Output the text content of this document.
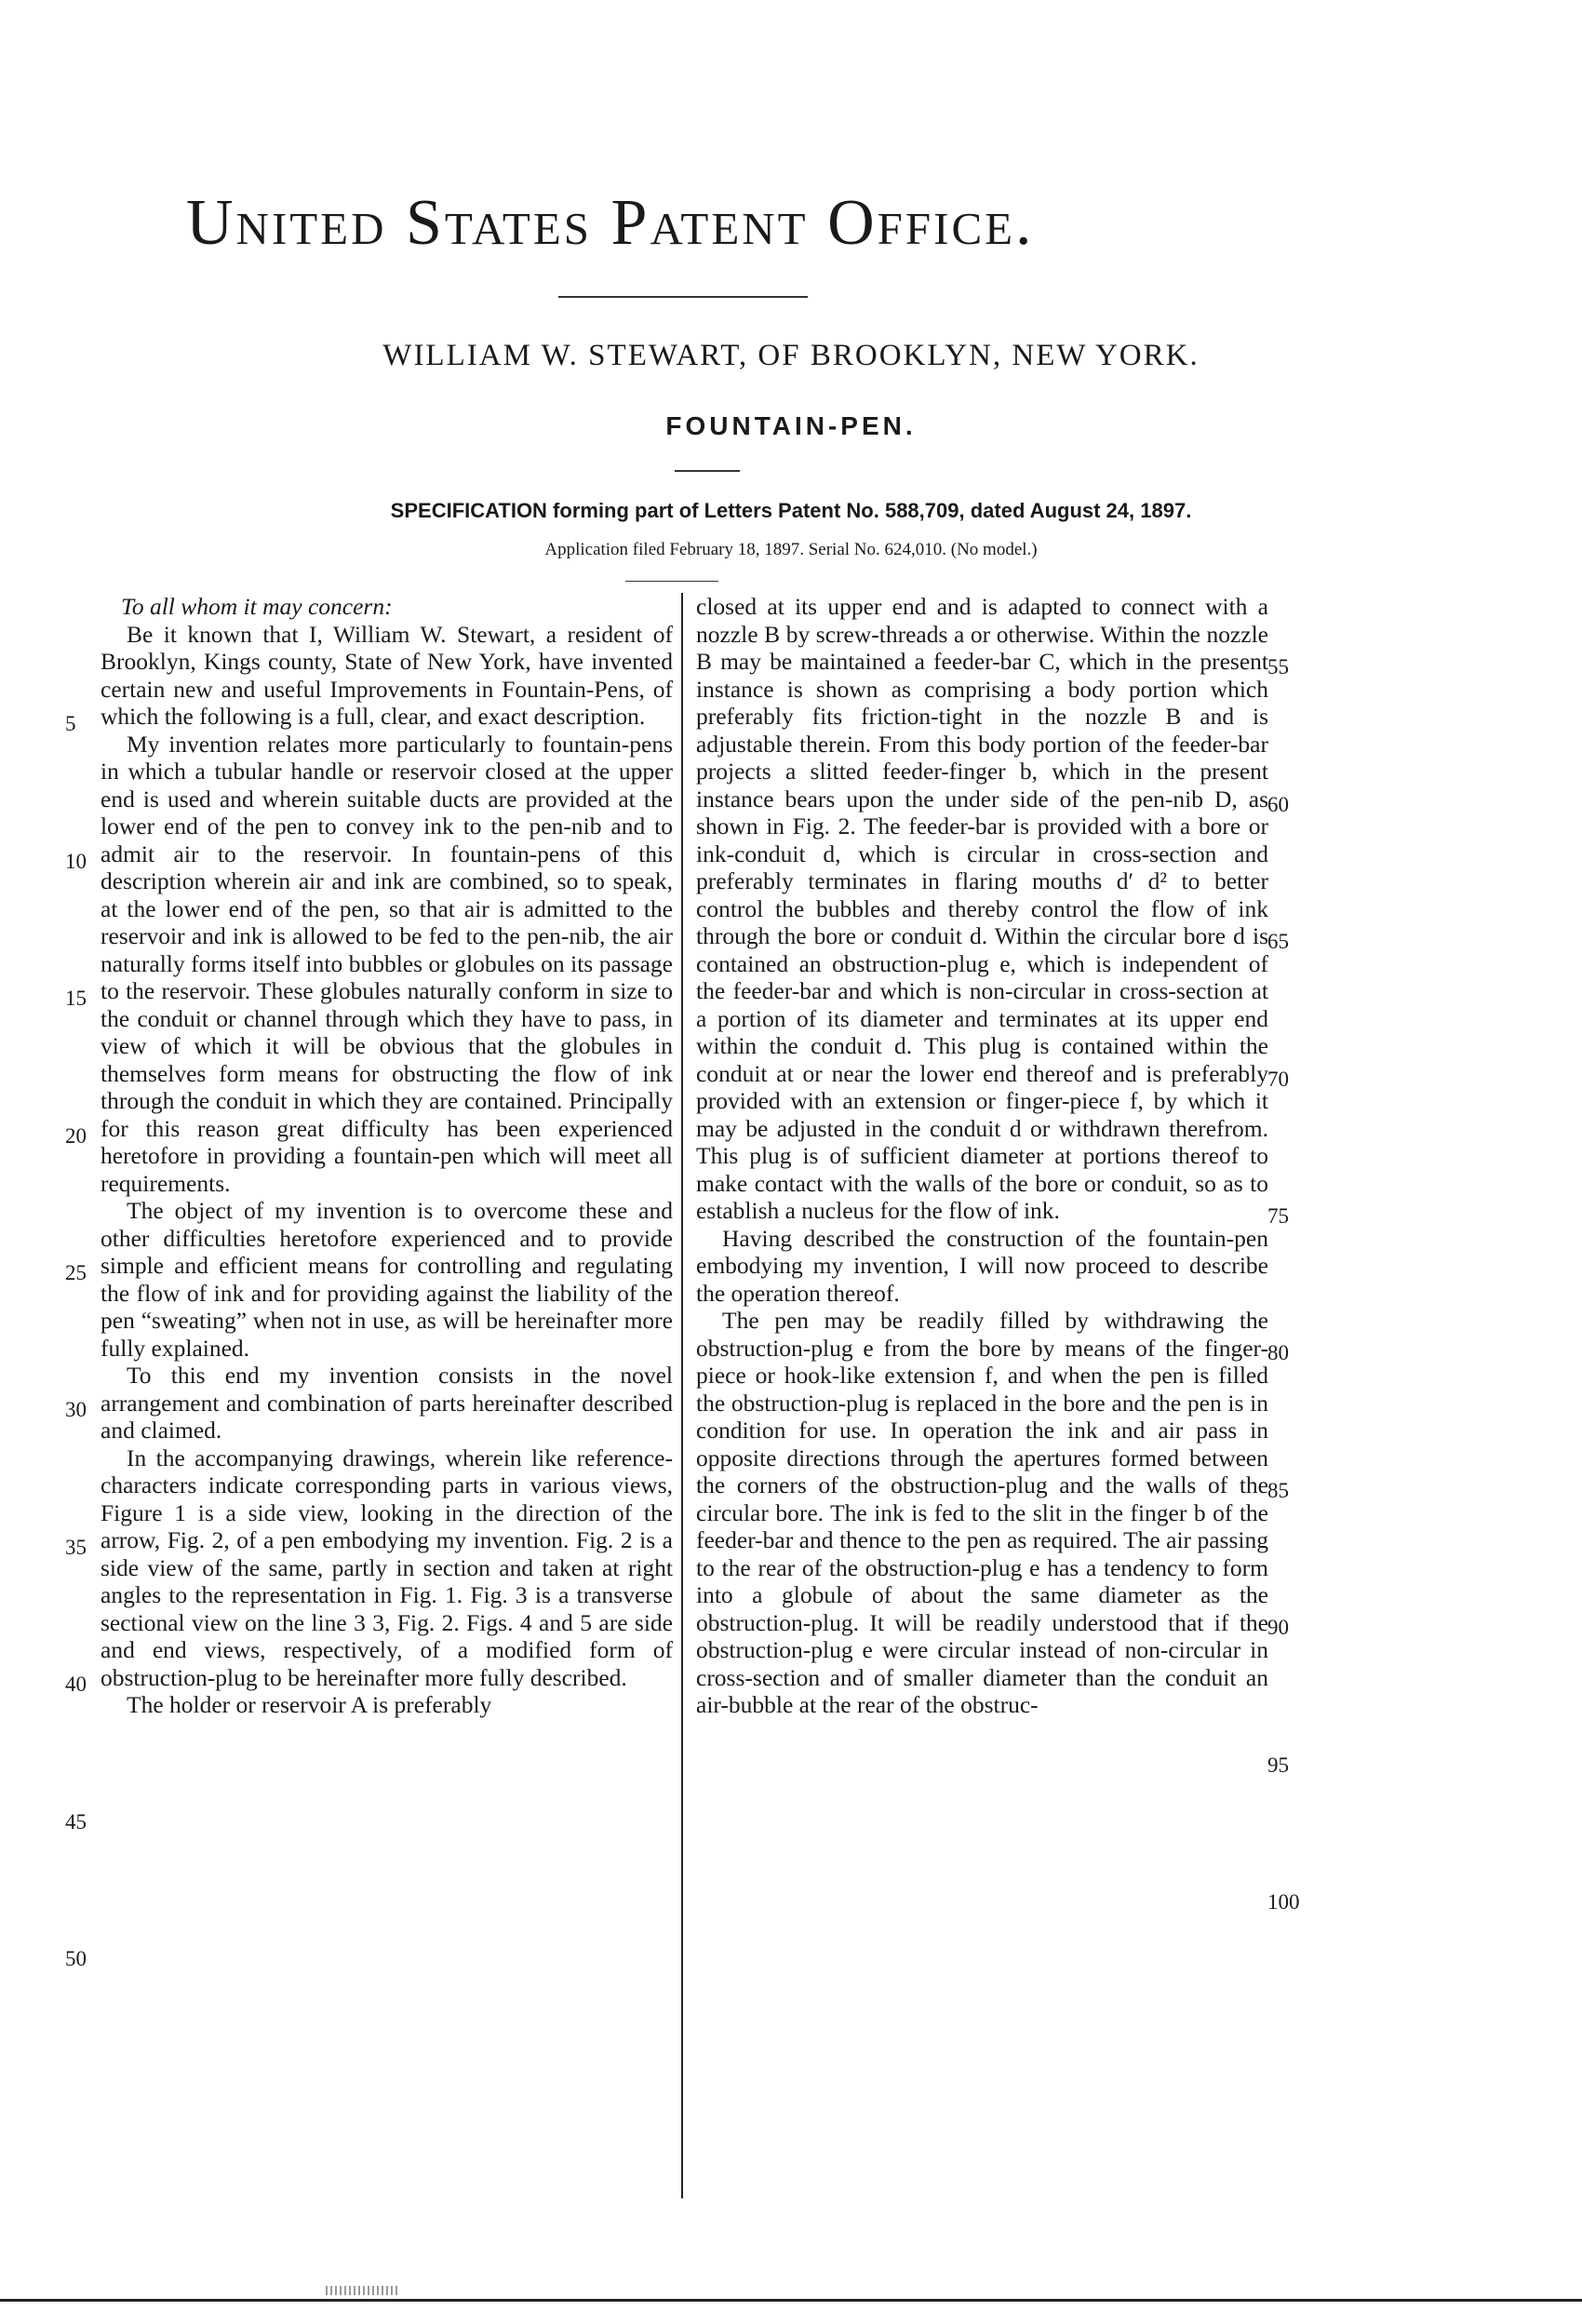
United States Patent Office.
WILLIAM W. STEWART, OF BROOKLYN, NEW YORK.
FOUNTAIN-PEN.
SPECIFICATION forming part of Letters Patent No. 588,709, dated August 24, 1897.
Application filed February 18, 1897. Serial No. 624,010. (No model.)

To all whom it may concern:

Be it known that I, William W. Stewart, a resident of Brooklyn, Kings county, State of New York, have invented certain new and useful Improvements in Fountain-Pens, of which the following is a full, clear, and exact description.

My invention relates more particularly to fountain-pens in which a tubular handle or reservoir closed at the upper end is used and wherein suitable ducts are provided at the lower end of the pen to convey ink to the pen-nib and to admit air to the reservoir. In fountain-pens of this description wherein air and ink are combined, so to speak, at the lower end of the pen, so that air is admitted to the reservoir and ink is allowed to be fed to the pen-nib, the air naturally forms itself into bubbles or globules on its passage to the reservoir. These globules naturally conform in size to the conduit or channel through which they have to pass, in view of which it will be obvious that the globules in themselves form means for obstructing the flow of ink through the conduit in which they are contained. Principally for this reason great difficulty has been experienced heretofore in providing a fountain-pen which will meet all requirements.

The object of my invention is to overcome these and other difficulties heretofore experienced and to provide simple and efficient means for controlling and regulating the flow of ink and for providing against the liability of the pen “sweating” when not in use, as will be hereinafter more fully explained.

To this end my invention consists in the novel arrangement and combination of parts hereinafter described and claimed.

In the accompanying drawings, wherein like reference-characters indicate corresponding parts in various views, Figure 1 is a side view, looking in the direction of the arrow, Fig. 2, of a pen embodying my invention. Fig. 2 is a side view of the same, partly in section and taken at right angles to the representation in Fig. 1. Fig. 3 is a transverse sectional view on the line 3 3, Fig. 2. Figs. 4 and 5 are side and end views, respectively, of a modified form of obstruction-plug to be hereinafter more fully described.

The holder or reservoir A is preferably

closed at its upper end and is adapted to connect with a nozzle B by screw-threads a or otherwise. Within the nozzle B may be maintained a feeder-bar C, which in the present instance is shown as comprising a body portion which preferably fits friction-tight in the nozzle B and is adjustable therein. From this body portion of the feeder-bar projects a slitted feeder-finger b, which in the present instance bears upon the under side of the pen-nib D, as shown in Fig. 2. The feeder-bar is provided with a bore or ink-conduit d, which is circular in cross-section and preferably terminates in flaring mouths d′ d² to better control the bubbles and thereby control the flow of ink through the bore or conduit d. Within the circular bore d is contained an obstruction-plug e, which is independent of the feeder-bar and which is non-circular in cross-section at a portion of its diameter and terminates at its upper end within the conduit d. This plug is contained within the conduit at or near the lower end thereof and is preferably provided with an extension or finger-piece f, by which it may be adjusted in the conduit d or withdrawn therefrom. This plug is of sufficient diameter at portions thereof to make contact with the walls of the bore or conduit, so as to establish a nucleus for the flow of ink.

Having described the construction of the fountain-pen embodying my invention, I will now proceed to describe the operation thereof.

The pen may be readily filled by withdrawing the obstruction-plug e from the bore by means of the finger-piece or hook-like extension f, and when the pen is filled the obstruction-plug is replaced in the bore and the pen is in condition for use. In operation the ink and air pass in opposite directions through the apertures formed between the corners of the obstruction-plug and the walls of the circular bore. The ink is fed to the slit in the finger b of the feeder-bar and thence to the pen as required. The air passing to the rear of the obstruction-plug e has a tendency to form into a globule of about the same diameter as the obstruction-plug. It will be readily understood that if the obstruction-plug e were circular instead of non-circular in cross-section and of smaller diameter than the conduit an air-bubble at the rear of the obstruc-

5
10
15
20
25
30
35
40
45
50
55
60
65
70
75
80
85
90
95
100
